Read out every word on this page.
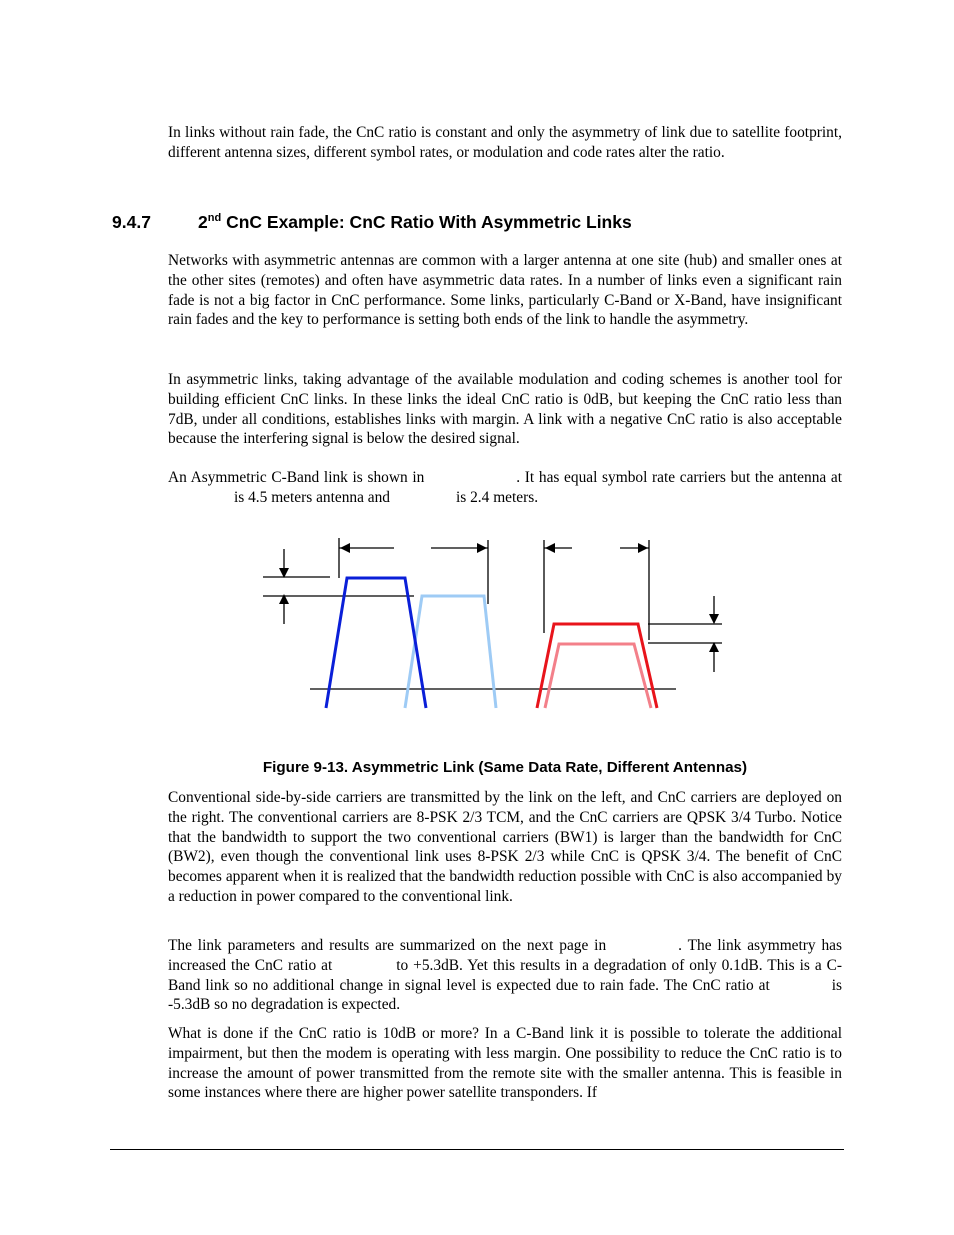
In links without rain fade, the CnC ratio is constant and only the asymmetry of link due to satellite footprint, different antenna sizes, different symbol rates, or modulation and code rates alter the ratio.

9.4.7	2nd CnC Example: CnC Ratio With Asymmetric Links

Networks with asymmetric antennas are common with a larger antenna at one site (hub) and smaller ones at the other sites (remotes) and often have asymmetric data rates. In a number of links even a significant rain fade is not a big factor in CnC performance. Some links, particularly C-Band or X-Band, have insignificant rain fades and the key to performance is setting both ends of the link to handle the asymmetry.

In asymmetric links, taking advantage of the available modulation and coding schemes is another tool for building efficient CnC links. In these links the ideal CnC ratio is 0dB, but keeping the CnC ratio less than 7dB, under all conditions, establishes links with margin. A link with a negative CnC ratio is also acceptable because the interfering signal is below the desired signal.

An Asymmetric C-Band link is shown in	. It has equal symbol rate carriers but the antenna atis 4.5 meters antenna and	is 2.4 meters.

Figure 9-13. Asymmetric Link (Same Data Rate, Different Antennas)

Conventional side-by-side carriers are transmitted by the link on the left, and CnC carriers are deployed on the right. The conventional carriers are 8-PSK 2/3 TCM, and the CnC carriers are QPSK 3/4 Turbo. Notice that the bandwidth to support the two conventional carriers (BW1) is larger than the bandwidth for CnC (BW2), even though the conventional link uses 8-PSK 2/3 while CnC is QPSK 3/4. The benefit of CnC becomes apparent when it is realized that the bandwidth reduction possible with CnC is also accompanied by a reduction in power compared to the conventional link.

The link parameters and results are summarized on the next page in	. The link asymmetry has increased the CnC ratio at	to +5.3dB. Yet this results in a degradation of only 0.1dB. This is a C-Band link so no additional change in signal level is expected due to rain fade. The CnC ratio at	is -5.3dB so no degradation is expected.

What is done if the CnC ratio is 10dB or more? In a C-Band link it is possible to tolerate the additional impairment, but then the modem is operating with less margin. One possibility to reduce the CnC ratio is to increase the amount of power transmitted from the remote site with the smaller antenna. This is feasible in some instances where there are higher power satellite transponders. If
